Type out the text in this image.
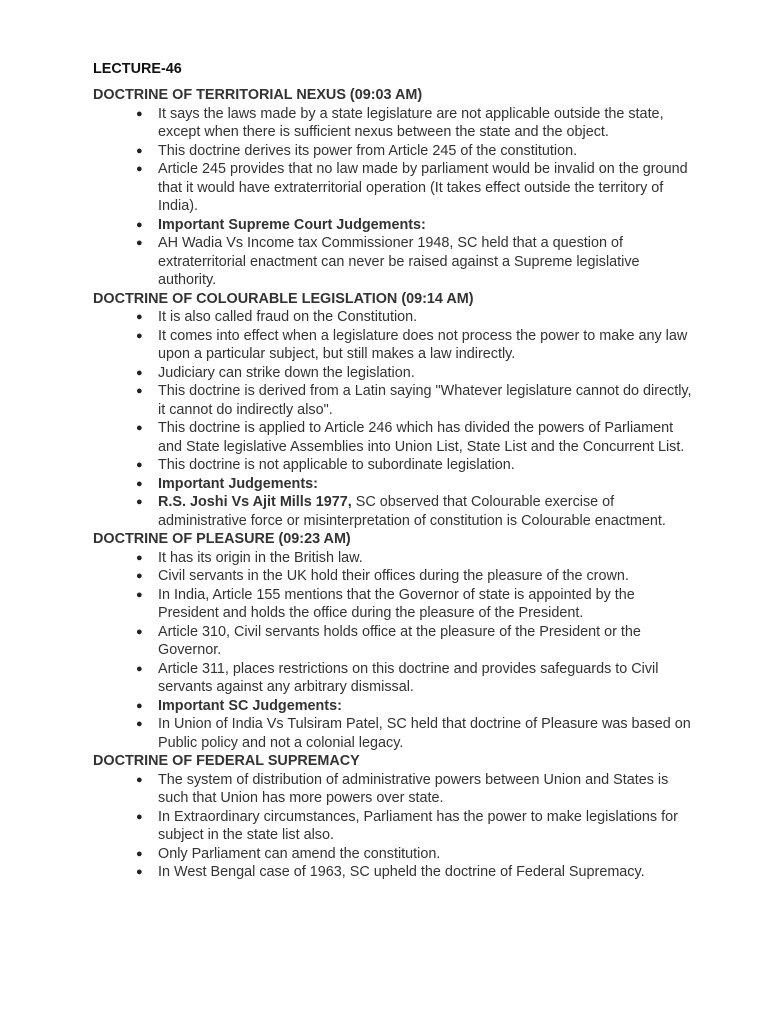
LECTURE-46
DOCTRINE OF TERRITORIAL NEXUS (09:03 AM)
● It says the laws made by a state legislature are not applicable outside the state, except when there is sufficient nexus between the state and the object.
● This doctrine derives its power from Article 245 of the constitution.
● Article 245 provides that no law made by parliament would be invalid on the ground that it would have extraterritorial operation (It takes effect outside the territory of India).
● Important Supreme Court Judgements:
● AH Wadia Vs Income tax Commissioner 1948, SC held that a question of extraterritorial enactment can never be raised against a Supreme legislative authority.
DOCTRINE OF COLOURABLE LEGISLATION (09:14 AM)
● It is also called fraud on the Constitution.
● It comes into effect when a legislature does not process the power to make any law upon a particular subject, but still makes a law indirectly.
● Judiciary can strike down the legislation.
● This doctrine is derived from a Latin saying "Whatever legislature cannot do directly, it cannot do indirectly also".
● This doctrine is applied to Article 246 which has divided the powers of Parliament and State legislative Assemblies into Union List, State List and the Concurrent List.
● This doctrine is not applicable to subordinate legislation.
● Important Judgements:
● R.S. Joshi Vs Ajit Mills 1977, SC observed that Colourable exercise of administrative force or misinterpretation of constitution is Colourable enactment.
DOCTRINE OF PLEASURE (09:23 AM)
● It has its origin in the British law.
● Civil servants in the UK hold their offices during the pleasure of the crown.
● In India, Article 155 mentions that the Governor of state is appointed by the President and holds the office during the pleasure of the President.
● Article 310, Civil servants holds office at the pleasure of the President or the Governor.
● Article 311, places restrictions on this doctrine and provides safeguards to Civil servants against any arbitrary dismissal.
● Important SC Judgements:
● In Union of India Vs Tulsiram Patel, SC held that doctrine of Pleasure was based on Public policy and not a colonial legacy.
DOCTRINE OF FEDERAL SUPREMACY
● The system of distribution of administrative powers between Union and States is such that Union has more powers over state.
● In Extraordinary circumstances, Parliament has the power to make legislations for subject in the state list also.
● Only Parliament can amend the constitution.
● In West Bengal case of 1963, SC upheld the doctrine of Federal Supremacy.
